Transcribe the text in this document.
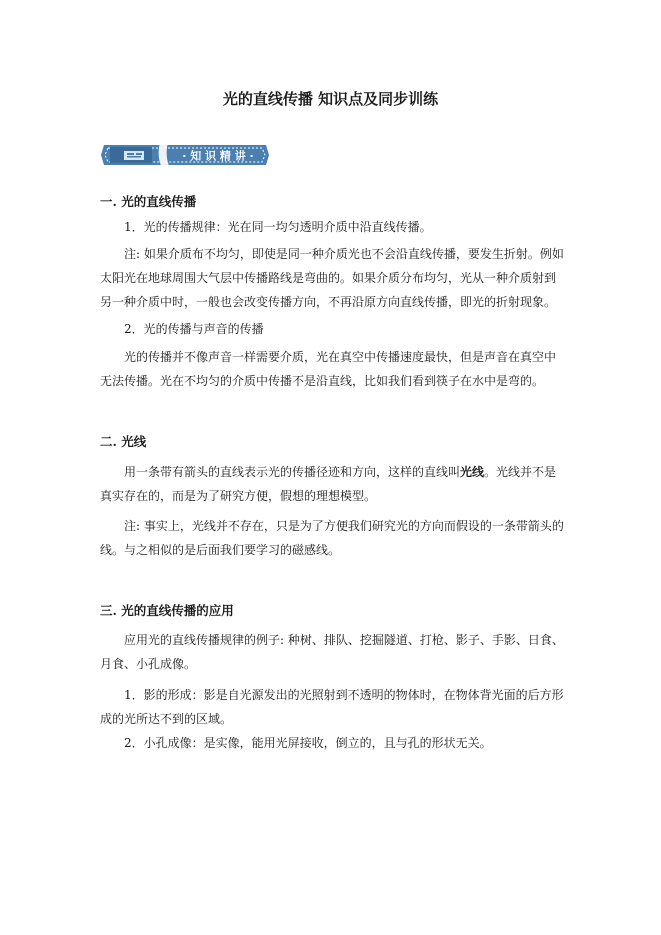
光的直线传播 知识点及同步训练
· 知 识 精 讲 ·
一. 光的直线传播
1．光的传播规律：光在同一均匀透明介质中沿直线传播。
注: 如果介质布不均匀，即使是同一种介质光也不会沿直线传播，要发生折射。例如太阳光在地球周围大气层中传播路线是弯曲的。如果介质分布均匀，光从一种介质射到另一种介质中时，一般也会改变传播方向，不再沿原方向直线传播，即光的折射现象。
2．光的传播与声音的传播
光的传播并不像声音一样需要介质，光在真空中传播速度最快，但是声音在真空中无法传播。光在不均匀的介质中传播不是沿直线，比如我们看到筷子在水中是弯的。
二. 光线
用一条带有箭头的直线表示光的传播径迹和方向，这样的直线叫光线。光线并不是真实存在的，而是为了研究方便，假想的理想模型。
注: 事实上，光线并不存在，只是为了方便我们研究光的方向而假设的一条带箭头的线。与之相似的是后面我们要学习的磁感线。
三. 光的直线传播的应用
应用光的直线传播规律的例子: 种树、排队、挖掘隧道、打枪、影子、手影、日食、月食、小孔成像。
1．影的形成：影是自光源发出的光照射到不透明的物体时，在物体背光面的后方形成的光所达不到的区域。
2．小孔成像：是实像，能用光屏接收，倒立的，且与孔的形状无关。
